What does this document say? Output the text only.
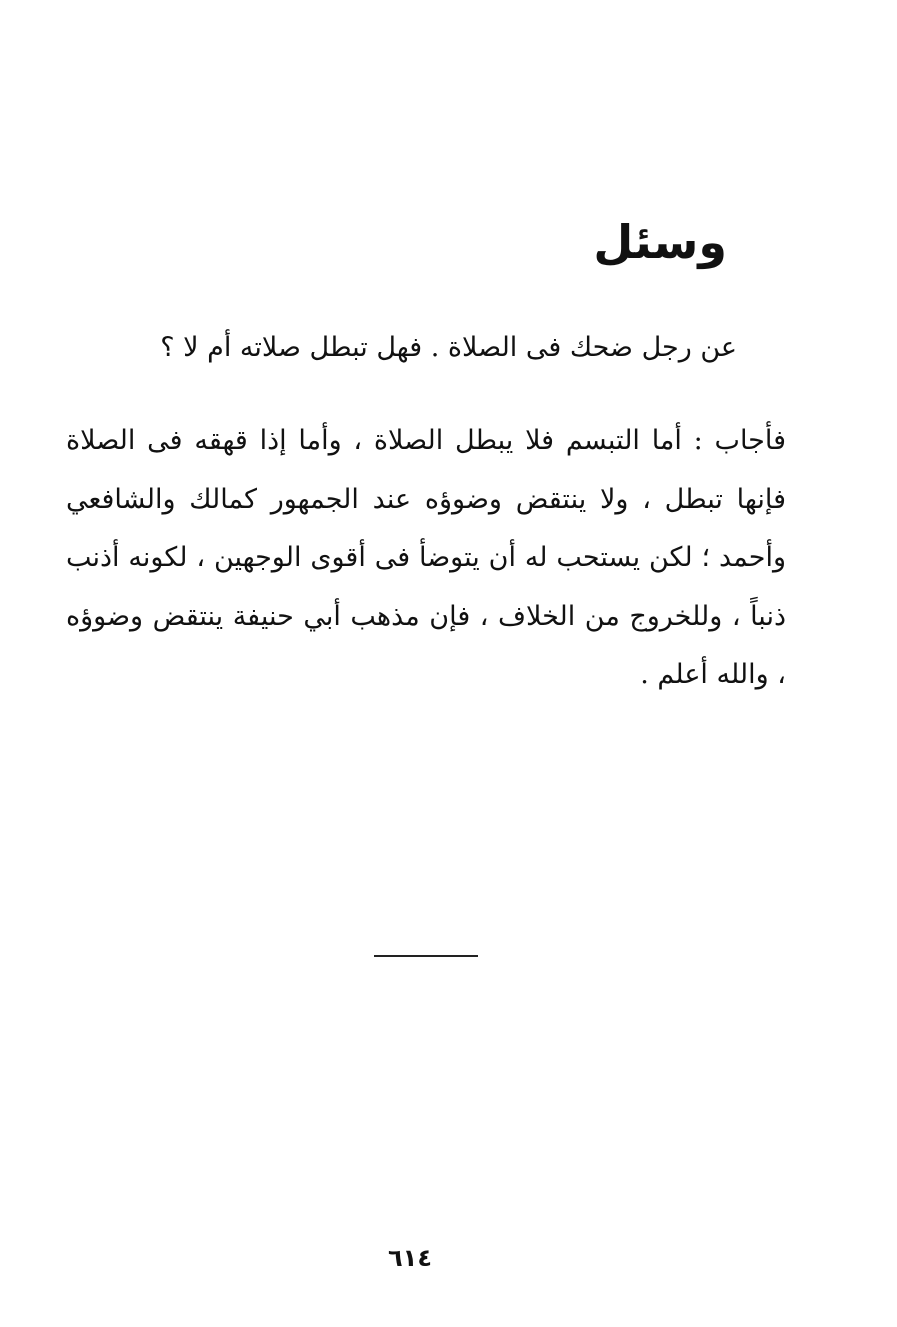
وسئل
عن رجل ضحك فى الصلاة . فهل تبطل صلاته أم لا ؟

فأجاب : أما التبسم فلا يبطل الصلاة ، وأما إذا قهقه فى الصلاة فإنها تبطل ، ولا ينتقض وضوؤه عند الجمهور كمالك والشافعي وأحمد ؛ لكن يستحب له أن يتوضأ فى أقوى الوجهين ، لكونه أذنب ذنباً ، وللخروج من الخلاف ، فإن مذهب أبي حنيفة ينتقض وضوؤه ، والله أعلم .

٦١٤
